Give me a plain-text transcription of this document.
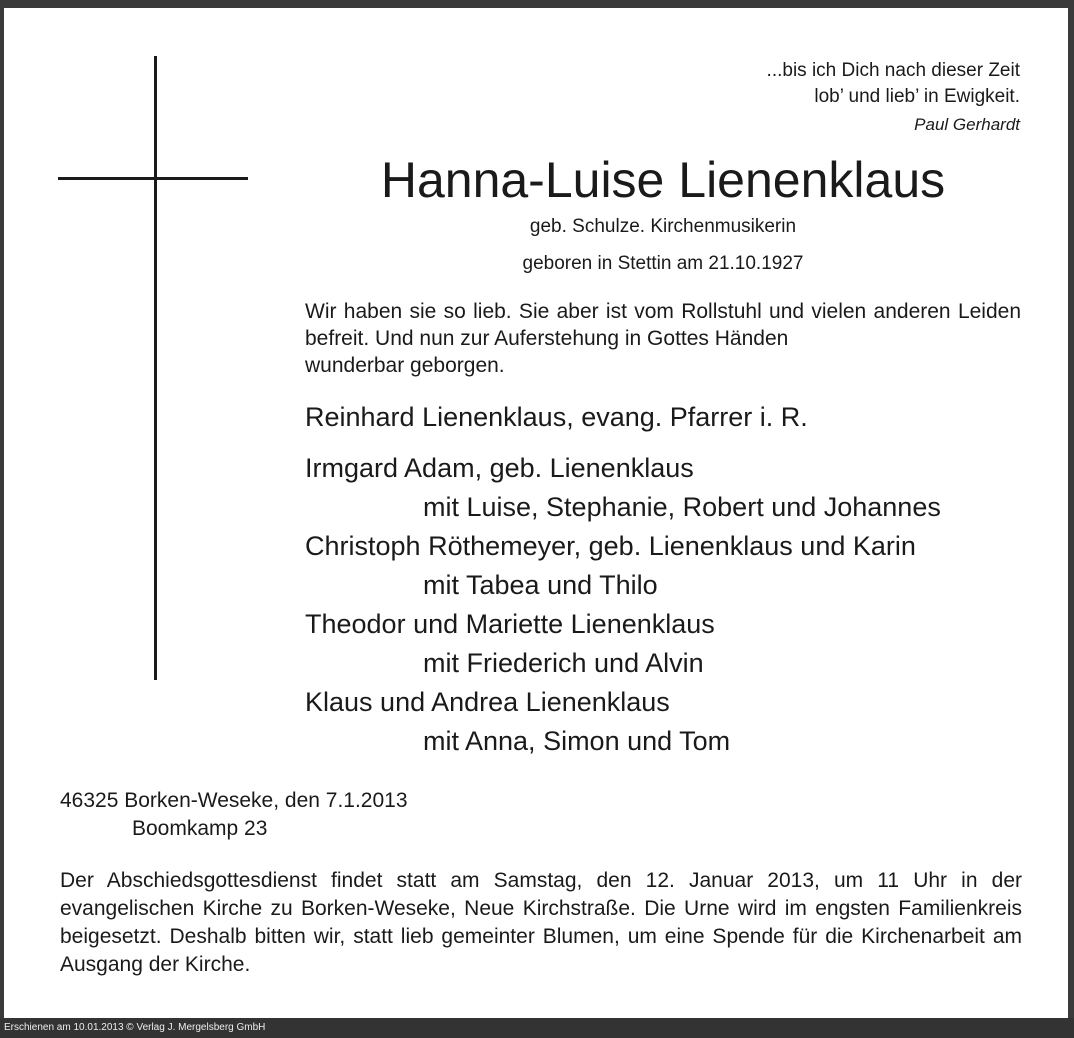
...bis ich Dich nach dieser Zeit
lob’ und lieb’ in Ewigkeit.
Paul Gerhardt
Hanna-Luise Lienenklaus
geb. Schulze. Kirchenmusikerin
geboren in Stettin am 21.10.1927
Wir haben sie so lieb. Sie aber ist vom Rollstuhl und vielen anderen Leiden befreit. Und nun zur Auferstehung in Gottes Händen
wunderbar geborgen.
Reinhard Lienenklaus, evang. Pfarrer i. R.
Irmgard Adam, geb. Lienenklaus
mit Luise, Stephanie, Robert und Johannes
Christoph Röthemeyer, geb. Lienenklaus und Karin
mit Tabea und Thilo
Theodor und Mariette Lienenklaus
mit Friederich und Alvin
Klaus und Andrea Lienenklaus
mit Anna, Simon und Tom
46325 Borken-Weseke, den 7.1.2013
Boomkamp 23
Der Abschiedsgottesdienst findet statt am Samstag, den 12. Januar 2013, um 11 Uhr in der evangelischen Kirche zu Borken-Weseke, Neue Kirchstraße. Die Urne wird im engsten Familienkreis beigesetzt. Deshalb bitten wir, statt lieb gemeinter Blumen, um eine Spende für die Kirchenarbeit am Ausgang der Kirche.
Erschienen am 10.01.2013 © Verlag J. Mergelsberg GmbH
